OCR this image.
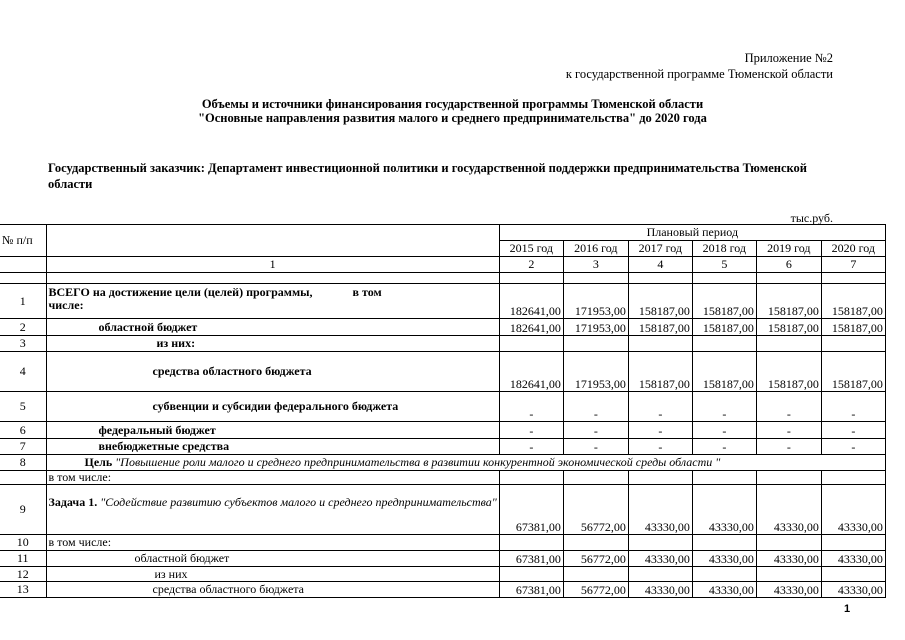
Приложение №2
к государственной программе Тюменской области
Объемы и источники финансирования государственной программы Тюменской области
"Основные направления развития малого и среднего предпринимательства" до 2020 года
Государственный заказчик: Департамент инвестиционной политики и государственной поддержки предпринимательства Тюменской области
тыс.руб.
№ п/п		Плановый период					
		2015 год	2016 год	2017 год	2018 год	2019 год	2020 год
	1	2	3	4	5	6	7

1	ВСЕГО на достижение цели (целей) программы, в том
числе:	182641,00	171953,00	158187,00	158187,00	158187,00	158187,00
2	областной бюджет	182641,00	171953,00	158187,00	158187,00	158187,00	158187,00
3	из них:						
4	средства областного бюджета	182641,00	171953,00	158187,00	158187,00	158187,00	158187,00
5	субвенции и субсидии федерального бюджета	-	-	-	-	-	-
6	федеральный бюджет	-	-	-	-	-	-
7	внебюджетные средства	-	-	-	-	-	-
8	Цель "Повышение роли малого и среднего предпринимательства в развитии конкурентной экономической среды области "						
	в том числе:						
9	Задача 1. "Содействие развитию субъектов малого и среднего предпринимательства"	67381,00	56772,00	43330,00	43330,00	43330,00	43330,00
10	в том числе:						
11	областной бюджет	67381,00	56772,00	43330,00	43330,00	43330,00	43330,00
12	из них						
13	средства областного бюджета	67381,00	56772,00	43330,00	43330,00	43330,00	43330,00
1
